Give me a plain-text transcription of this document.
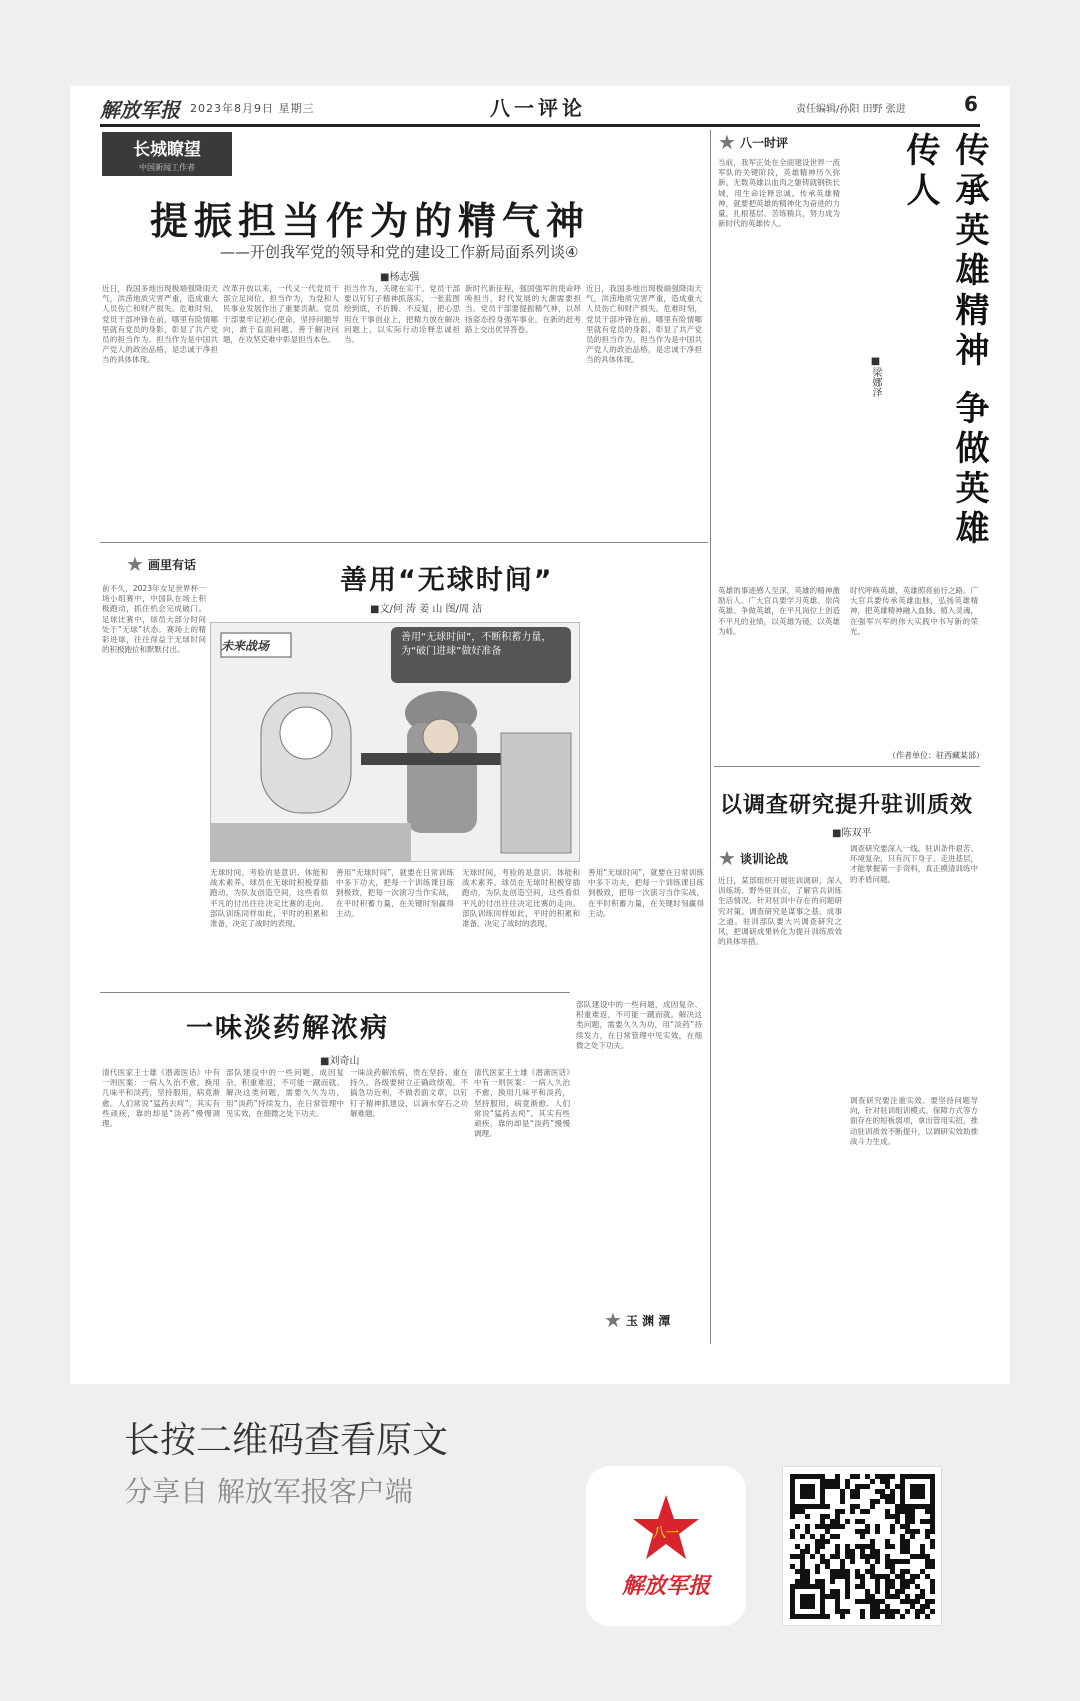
解放军报 2023年8月9日 星期三	八一评论	责任编辑/孙阳 田野 张进	6
长城瞭望
中国新闻工作者
提振担当作为的精气神
——开创我军党的领导和党的建设工作新局面系列谈④
■杨志强
近日，我国多地出现极端强降雨天气，洪涝地质灾害严重，造成重大人员伤亡和财产损失。危难时刻，党员干部冲锋在前，哪里有险情哪里就有党员的身影，彰显了共产党员的担当作为。担当作为是中国共产党人的政治品格，是忠诚干净担当的具体体现。
改革开放以来，一代又一代党员干部立足岗位、担当作为，为党和人民事业发展作出了重要贡献。党员干部要牢记初心使命，坚持问题导向，敢于直面问题、善于解决问题，在攻坚克难中彰显担当本色。
担当作为，关键在实干。党员干部要以钉钉子精神抓落实，一张蓝图绘到底，不折腾、不反复，把心思用在干事创业上，把精力放在解决问题上，以实际行动诠释忠诚担当。
新时代新征程，强国强军的使命呼唤担当，时代发展的大潮需要担当。党员干部要提振精气神，以昂扬姿态投身强军事业，在新的赶考路上交出优异答卷。
近日，我国多地出现极端强降雨天气，洪涝地质灾害严重，造成重大人员伤亡和财产损失。危难时刻，党员干部冲锋在前，哪里有险情哪里就有党员的身影，彰显了共产党员的担当作为。担当作为是中国共产党人的政治品格，是忠诚干净担当的具体体现。
★ 八一时评
当前，我军正处在全面建设世界一流军队的关键阶段，英雄精神历久弥新。无数英雄以血肉之躯铸就钢铁长城，用生命诠释忠诚。传承英雄精神，就要把英雄的精神化为奋进的力量，扎根基层、苦练精兵，努力成为新时代的英雄传人。	传承英雄精神 争做英雄传人
■梁娜泽
英雄的事迹感人至深，英雄的精神激励后人。广大官兵要学习英雄、崇尚英雄、争做英雄，在平凡岗位上创造不平凡的业绩，以英雄为镜，以英雄为师。
时代呼唤英雄，英雄照亮前行之路。广大官兵要传承英雄血脉，弘扬英雄精神，把英雄精神融入血脉、植入灵魂，在强军兴军的伟大实践中书写新的荣光。
（作者单位：驻西藏某部）
★ 画里有话
善用“无球时间”
■文/何 涛 姜 山 图/周 洁
前不久，2023年女足世界杯一场小组赛中，中国队在场上积极跑动，抓住机会完成破门。足球比赛中，球员大部分时间处于“无球”状态。赛场上的精彩进球，往往得益于无球时间的积极跑位和默默付出。	未来战场
善用“无球时间”，不断积蓄力量，为“破门进球”做好准备
无球时间，考验的是意识、体能和战术素养。球员在无球时积极穿插跑动，为队友创造空间，这些看似平凡的付出往往决定比赛的走向。部队训练同样如此，平时的积累和准备，决定了战时的表现。
善用“无球时间”，就要在日常训练中多下功夫，把每一个训练课目练到极致，把每一次演习当作实战，在平时积蓄力量，在关键时刻赢得主动。
无球时间，考验的是意识、体能和战术素养。球员在无球时积极穿插跑动，为队友创造空间，这些看似平凡的付出往往决定比赛的走向。部队训练同样如此，平时的积累和准备，决定了战时的表现。
善用“无球时间”，就要在日常训练中多下功夫，把每一个训练课目练到极致，把每一次演习当作实战，在平时积蓄力量，在关键时刻赢得主动。
一味淡药解浓病
■刘奇山
清代医家王士雄《潜斋医话》中有一则医案：一病人久治不愈，换用几味平和淡药，坚持服用，病竟渐愈。人们常说“猛药去疴”，其实有些顽疾，靠的却是“淡药”慢慢调理。
部队建设中的一些问题，成因复杂、积重难返，不可能一蹴而就。解决这类问题，需要久久为功，用“淡药”持续发力，在日常管理中见实效，在细微之处下功夫。
一味淡药解浓病，贵在坚持、重在持久。各级要树立正确政绩观，不搞急功近利，不做表面文章，以钉钉子精神抓建设，以滴水穿石之功解难题。
清代医家王士雄《潜斋医话》中有一则医案：一病人久治不愈，换用几味平和淡药，坚持服用，病竟渐愈。人们常说“猛药去疴”，其实有些顽疾，靠的却是“淡药”慢慢调理。
部队建设中的一些问题，成因复杂、积重难返，不可能一蹴而就。解决这类问题，需要久久为功，用“淡药”持续发力，在日常管理中见实效，在细微之处下功夫。
★ 玉 渊 潭
以调查研究提升驻训质效
■陈双平
★ 谈训论战
近日，某部组织开展驻训调研，深入训练场、野外驻训点，了解官兵训练生活情况，针对驻训中存在的问题研究对策。调查研究是谋事之基、成事之道。驻训部队要大兴调查研究之风，把调研成果转化为提升训练质效的具体举措。
调查研究要深入一线。驻训条件艰苦、环境复杂，只有沉下身子、走进基层，才能掌握第一手资料，真正摸清训练中的矛盾问题。
调查研究要注重实效。要坚持问题导向，针对驻训组训模式、保障方式等方面存在的短板弱项，拿出管用实招，推动驻训质效不断提升，以调研实效助推战斗力生成。
长按二维码查看原文
分享自 解放军报客户端
八一
解放军报
